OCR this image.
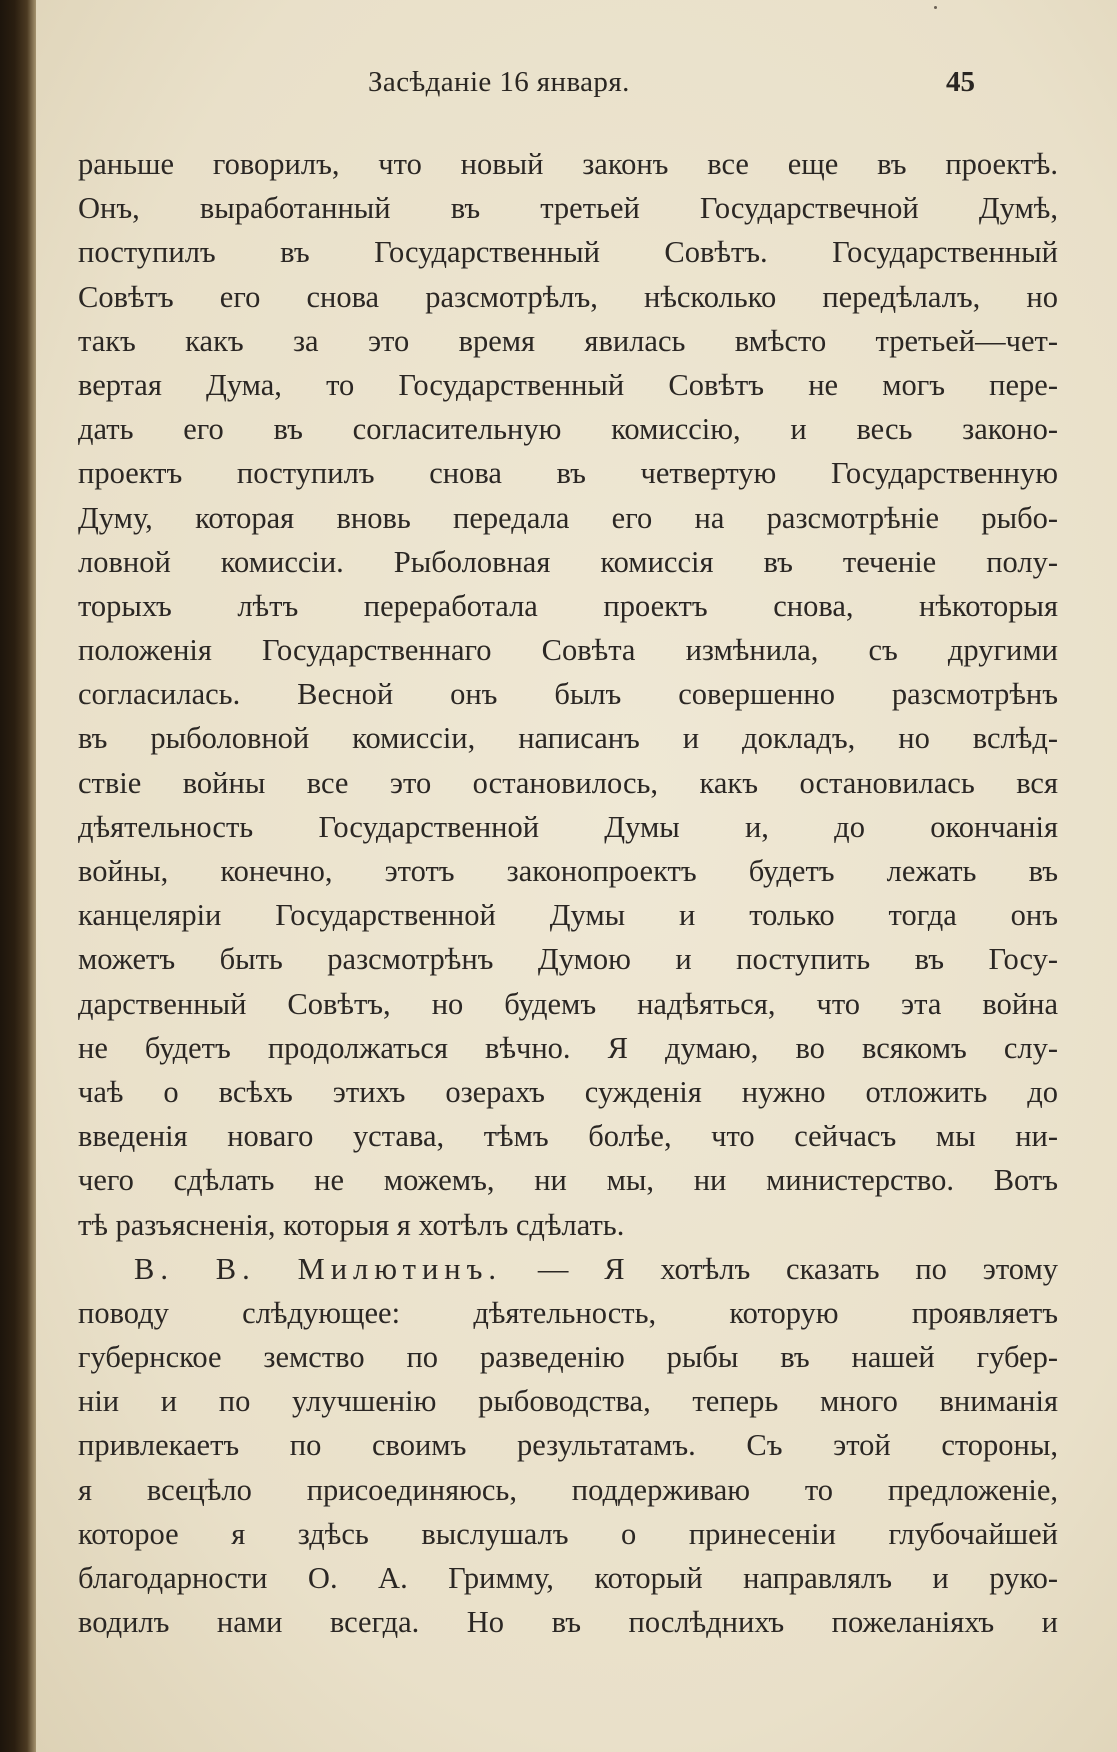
Засѣданіе 16 января.	45
раньше говорилъ, что новый законъ все еще въ проектѣ.
Онъ, выработанный въ третьей Государствечной Думѣ,
поступилъ въ Государственный Совѣтъ. Государственный
Совѣтъ его снова разсмотрѣлъ, нѣсколько передѣлалъ, но
такъ какъ за это время явилась вмѣсто третьей—чет-
вертая Дума, то Государственный Совѣтъ не могъ пере-
дать его въ согласительную комиссію, и весь законо-
проектъ поступилъ снова въ четвертую Государственную
Думу, которая вновь передала его на разсмотрѣніе рыбо-
ловной комиссіи. Рыболовная комиссія въ теченіе полу-
торыхъ лѣтъ переработала проектъ снова, нѣкоторыя
положенія Государственнаго Совѣта измѣнила, съ другими
согласилась. Весной онъ былъ совершенно разсмотрѣнъ
въ рыболовной комиссіи, написанъ и докладъ, но вслѣд-
ствіе войны все это остановилось, какъ остановилась вся
дѣятельность Государственной Думы и, до окончанія
войны, конечно, этотъ законопроектъ будетъ лежать въ
канцеляріи Государственной Думы и только тогда онъ
можетъ быть разсмотрѣнъ Думою и поступить въ Госу-
дарственный Совѣтъ, но будемъ надѣяться, что эта война
не будетъ продолжаться вѣчно. Я думаю, во всякомъ слу-
чаѣ о всѣхъ этихъ озерахъ сужденія нужно отложить до
введенія новаго устава, тѣмъ болѣе, что сейчасъ мы ни-
чего сдѣлать не можемъ, ни мы, ни министерство. Вотъ
тѣ разъясненія, которыя я хотѣлъ сдѣлать.
В. В. Милютинъ. — Я хотѣлъ сказать по этому
поводу слѣдующее: дѣятельность, которую проявляетъ
губернское земство по разведенію рыбы въ нашей губер-
ніи и по улучшенію рыбоводства, теперь много вниманія
привлекаетъ по своимъ результатамъ. Съ этой стороны,
я всецѣло присоединяюсь, поддерживаю то предложеніе,
которое я здѣсь выслушалъ о принесеніи глубочайшей
благодарности О. А. Гримму, который направлялъ и руко-
водилъ нами всегда. Но въ послѣднихъ пожеланіяхъ и
